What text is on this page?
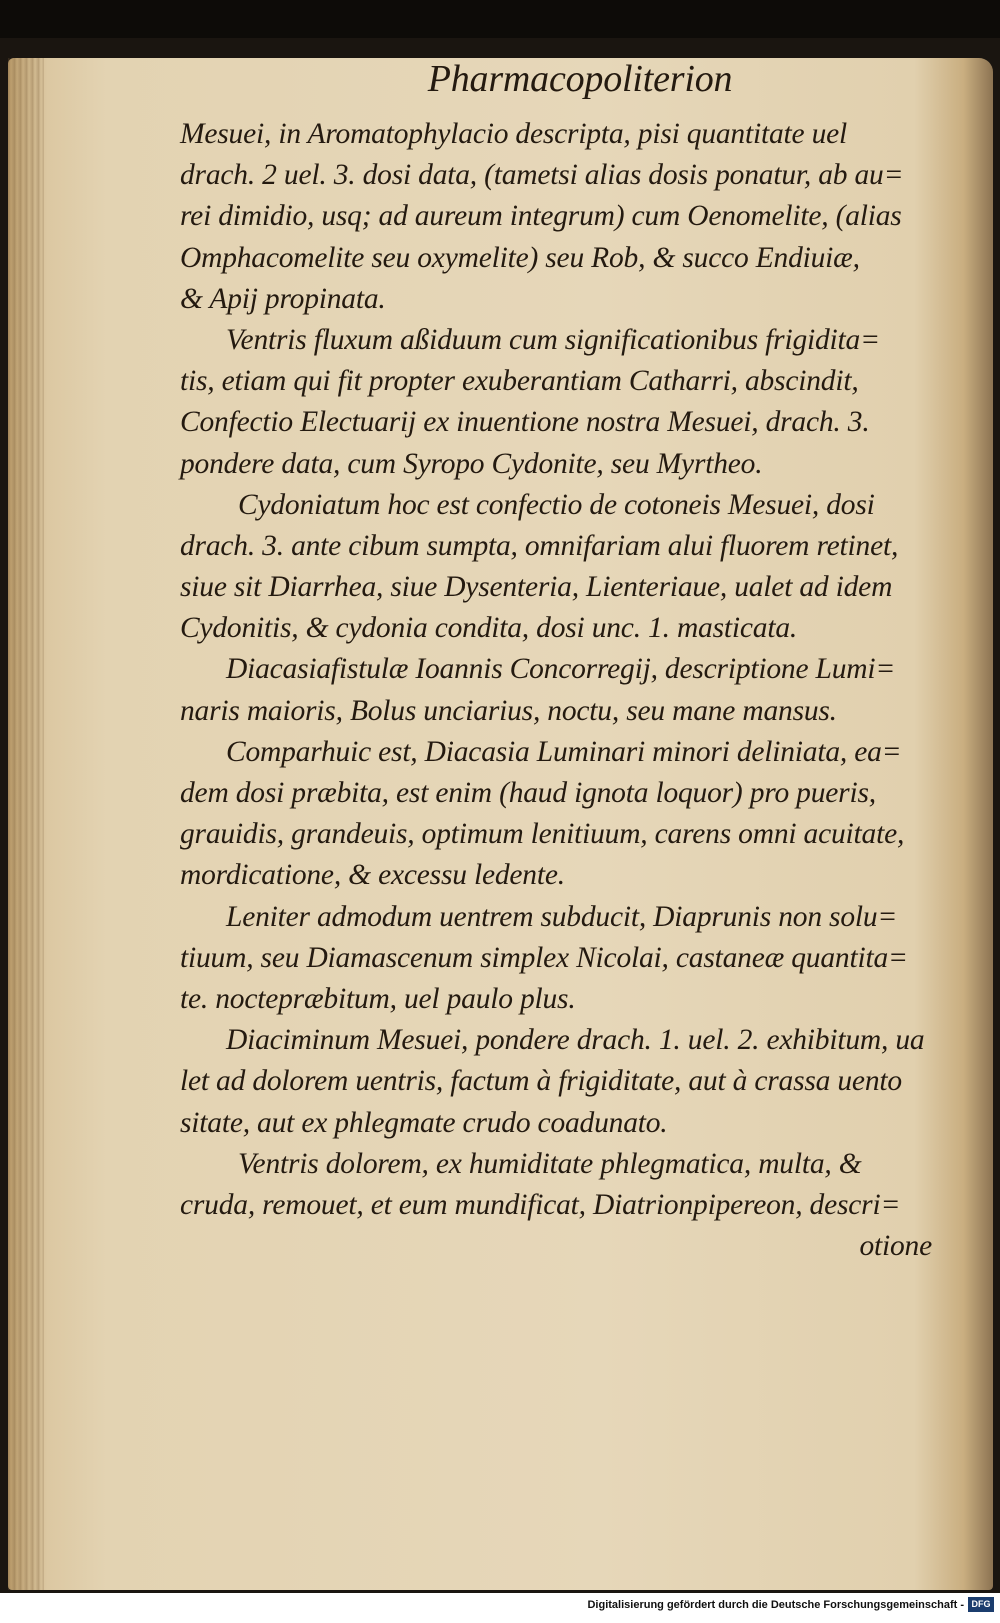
Pharmacopoliterion
Mesuei, in Aromatophylacio descripta, pisi quantitate uel
drach. 2 uel. 3. dosi data, (tametsi alias dosis ponatur, ab au=
rei dimidio, usq; ad aureum integrum) cum Oenomelite, (alias
Omphacomelite seu oxymelite) seu Rob, & succo Endiuiæ,
& Apij propinata.
Ventris fluxum aßiduum cum significationibus frigidita=
tis, etiam qui fit propter exuberantiam Catharri, abscindit,
Confectio Electuarij ex inuentione nostra Mesuei, drach. 3.
pondere data, cum Syropo Cydonite, seu Myrtheo.
Cydoniatum hoc est confectio de cotoneis Mesuei, dosi
drach. 3. ante cibum sumpta, omnifariam alui fluorem retinet,
siue sit Diarrhea, siue Dysenteria, Lienteriaue, ualet ad idem
Cydonitis, & cydonia condita, dosi unc. 1. masticata.
Diacasiafistulæ Ioannis Concorregij, descriptione Lumi=
naris maioris, Bolus unciarius, noctu, seu mane mansus.
Comparhuic est, Diacasia Luminari minori deliniata, ea=
dem dosi præbita, est enim (haud ignota loquor) pro pueris,
grauidis, grandeuis, optimum lenitiuum, carens omni acuitate,
mordicatione, & excessu ledente.
Leniter admodum uentrem subducit, Diaprunis non solu=
tiuum, seu Diamascenum simplex Nicolai, castaneæ quantita=
te. noctepræbitum, uel paulo plus.
Diaciminum Mesuei, pondere drach. 1. uel. 2. exhibitum, ua
let ad dolorem uentris, factum à frigiditate, aut à crassa uento
sitate, aut ex phlegmate crudo coadunato.
Ventris dolorem, ex humiditate phlegmatica, multa, &
cruda, remouet, et eum mundificat, Diatrionpipereon, descri=
otione
Digitalisierung gefördert durch die Deutsche Forschungsgemeinschaft - DFG
